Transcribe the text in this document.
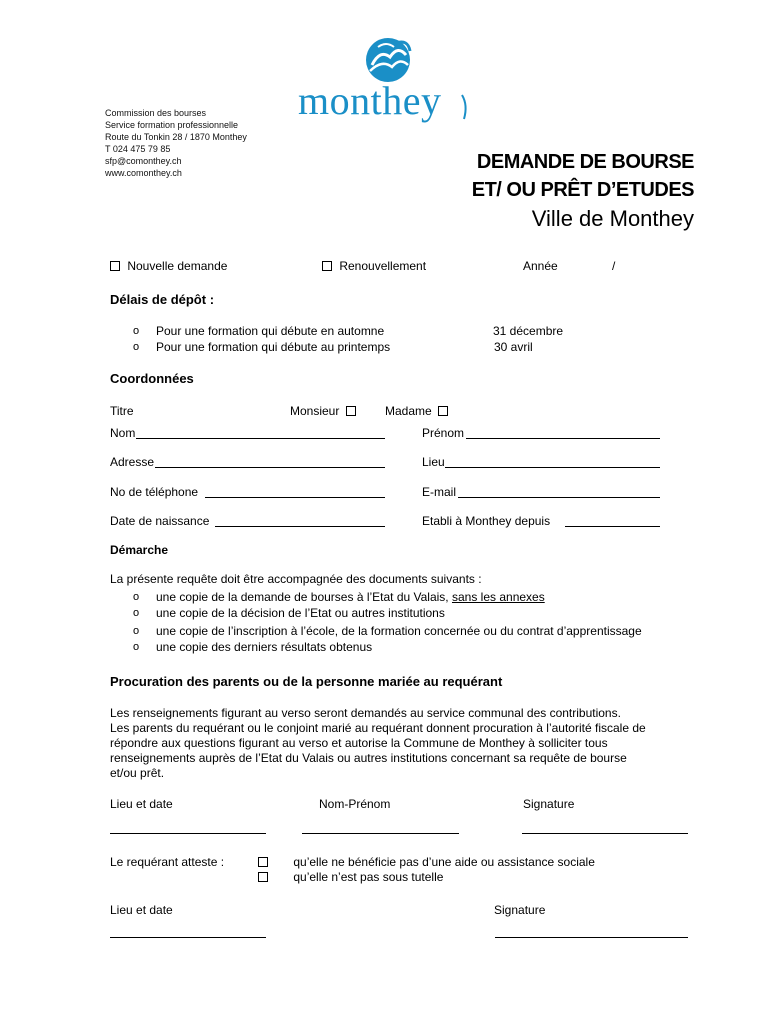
Commission des bourses
Service formation professionnelle
Route du Tonkin 28 / 1870 Monthey
T 024 475 79 85
sfp@comonthey.ch
www.comonthey.ch
monthey
DEMANDE DE BOURSE
ET/ OU PRÊT D’ETUDES
Ville de Monthey
Nouvelle demande	Renouvellement	Année	/
Délais de dépôt :
o Pour une formation qui débute en automne	31 décembre
o Pour une formation qui débute au printemps	30 avril
Coordonnées
Titre	Monsieur	Madame
Nom	Prénom
Adresse	Lieu
No de téléphone	E-mail
Date de naissance	Etabli à Monthey depuis
Démarche
La présente requête doit être accompagnée des documents suivants :
o une copie de la demande de bourses à l’Etat du Valais, sans les annexes
o une copie de la décision de l’Etat ou autres institutions
o une copie de l’inscription à l’école, de la formation concernée ou du contrat d’apprentissage
o une copie des derniers résultats obtenus
Procuration des parents ou de la personne mariée au requérant
Les renseignements figurant au verso seront demandés au service communal des contributions.
Les parents du requérant ou le conjoint marié au requérant donnent procuration à l’autorité fiscale de
répondre aux questions figurant au verso et autorise la Commune de Monthey à solliciter tous
renseignements auprès de l’Etat du Valais ou autres institutions concernant sa requête de bourse
et/ou prêt.
Lieu et date	Nom-Prénom	Signature
Le requérant atteste :	qu’elle ne bénéficie pas d’une aide ou assistance sociale
qu’elle n’est pas sous tutelle
Lieu et date	Signature
